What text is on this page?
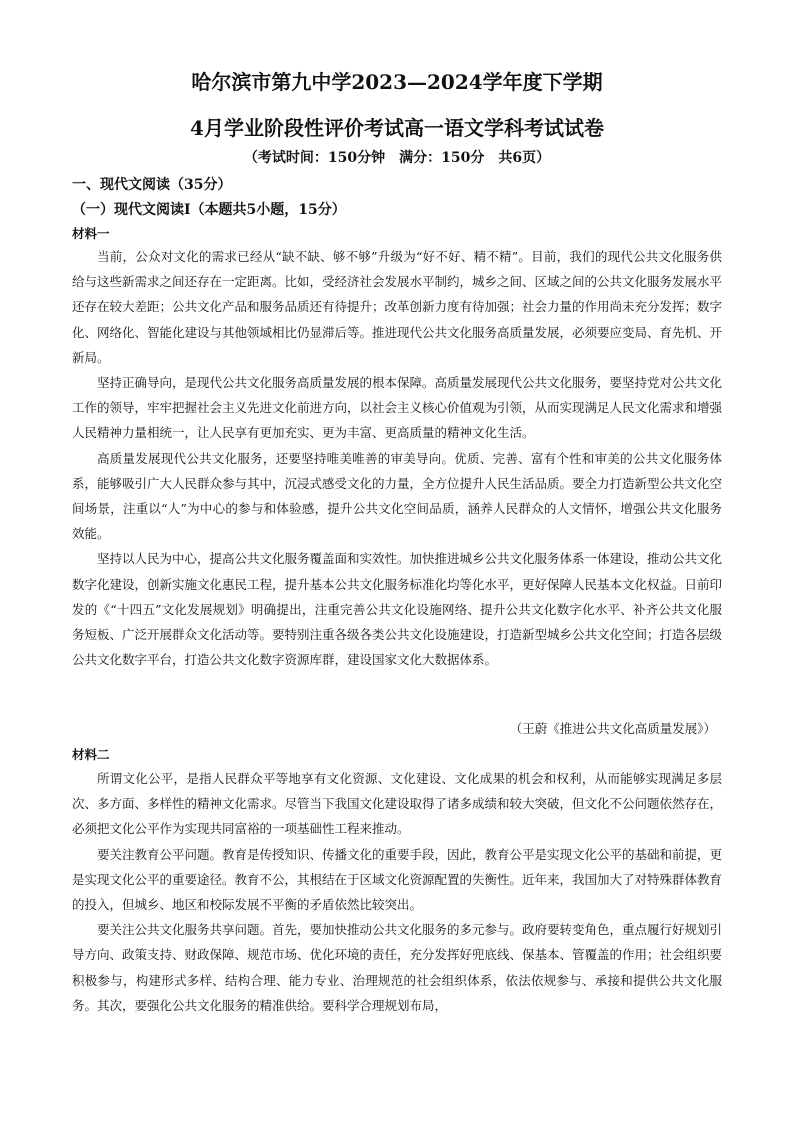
哈尔滨市第九中学2023—2024学年度下学期
4月学业阶段性评价考试高一语文学科考试试卷
（考试时间：150分钟　满分：150分　共6页）
一、现代文阅读（35分）
（一）现代文阅读Ⅰ（本题共5小题，15分）
材料一

当前，公众对文化的需求已经从“缺不缺、够不够”升级为“好不好、精不精”。目前，我们的现代公共文化服务供给与这些新需求之间还存在一定距离。比如，受经济社会发展水平制约，城乡之间、区域之间的公共文化服务发展水平还存在较大差距；公共文化产品和服务品质还有待提升；改革创新力度有待加强；社会力量的作用尚未充分发挥；数字化、网络化、智能化建设与其他领域相比仍显滞后等。推进现代公共文化服务高质量发展，必须要应变局、育先机、开新局。

坚持正确导向，是现代公共文化服务高质量发展的根本保障。高质量发展现代公共文化服务，要坚持党对公共文化工作的领导，牢牢把握社会主义先进文化前进方向，以社会主义核心价值观为引领，从而实现满足人民文化需求和增强人民精神力量相统一，让人民享有更加充实、更为丰富、更高质量的精神文化生活。

高质量发展现代公共文化服务，还要坚持唯美唯善的审美导向。优质、完善、富有个性和审美的公共文化服务体系，能够吸引广大人民群众参与其中，沉浸式感受文化的力量，全方位提升人民生活品质。要全力打造新型公共文化空间场景，注重以“人”为中心的参与和体验感，提升公共文化空间品质，涵养人民群众的人文情怀，增强公共文化服务效能。

坚持以人民为中心，提高公共文化服务覆盖面和实效性。加快推进城乡公共文化服务体系一体建设，推动公共文化数字化建设，创新实施文化惠民工程，提升基本公共文化服务标准化均等化水平，更好保障人民基本文化权益。日前印发的《“十四五”文化发展规划》明确提出，注重完善公共文化设施网络、提升公共文化数字化水平、补齐公共文化服务短板、广泛开展群众文化活动等。要特别注重各级各类公共文化设施建设，打造新型城乡公共文化空间；打造各层级公共文化数字平台，打造公共文化数字资源库群，建设国家文化大数据体系。

（王蔚《推进公共文化高质量发展》）
材料二

所谓文化公平，是指人民群众平等地享有文化资源、文化建设、文化成果的机会和权利，从而能够实现满足多层次、多方面、多样性的精神文化需求。尽管当下我国文化建设取得了诸多成绩和较大突破，但文化不公问题依然存在，必须把文化公平作为实现共同富裕的一项基础性工程来推动。

要关注教育公平问题。教育是传授知识、传播文化的重要手段，因此，教育公平是实现文化公平的基础和前提，更是实现文化公平的重要途径。教育不公，其根结在于区域文化资源配置的失衡性。近年来，我国加大了对特殊群体教育的投入，但城乡、地区和校际发展不平衡的矛盾依然比较突出。

要关注公共文化服务共享问题。首先，要加快推动公共文化服务的多元参与。政府要转变角色，重点履行好规划引导方向、政策支持、财政保障、规范市场、优化环境的责任，充分发挥好兜底线、保基本、管覆盖的作用；社会组织要积极参与，构建形式多样、结构合理、能力专业、治理规范的社会组织体系，依法依规参与、承接和提供公共文化服务。其次，要强化公共文化服务的精准供给。要科学合理规划布局，
